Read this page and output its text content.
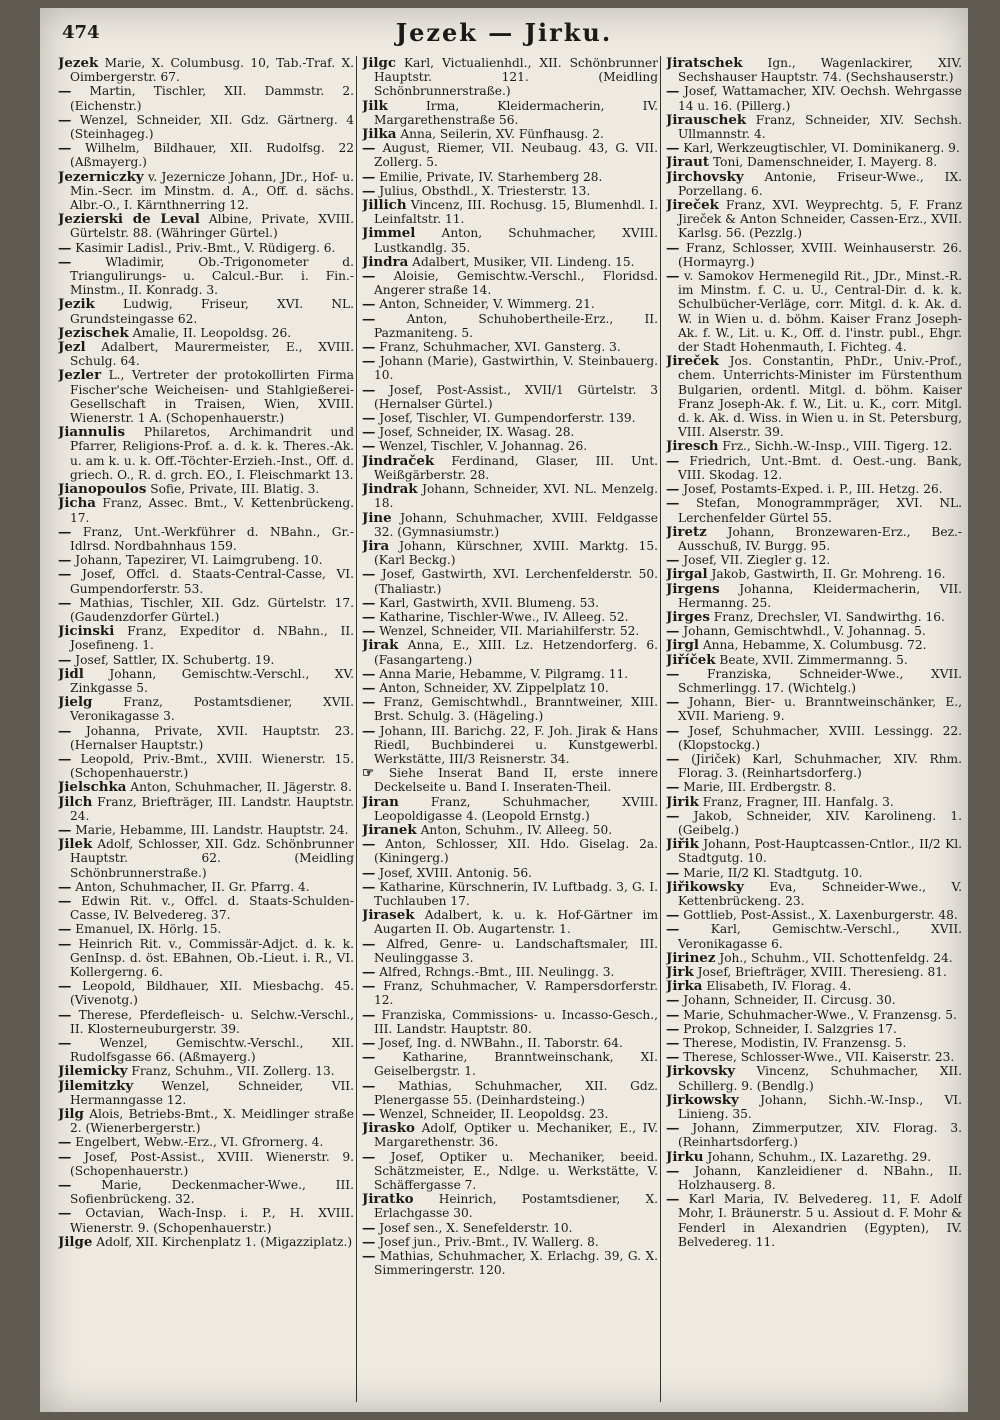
474	Jezek — Jirku.
Jezek Marie, X. Columbusg. 10, Tab.-Traf. X. Oimbergerstr. 67.
— Martin, Tischler, XII. Dammstr. 2. (Eichenstr.)
— Wenzel, Schneider, XII. Gdz. Gärtnerg. 4 (Steinhageg.)
— Wilhelm, Bildhauer, XII. Rudolfsg. 22 (Aßmayerg.)
Jezerniczky v. Jezernicze Johann, JDr., Hof- u. Min.-Secr. im Minstm. d. A., Off. d. sächs. Albr.-O., I. Kärnthnerring 12.
Jezierski de Leval Albine, Private, XVIII. Gürtelstr. 88. (Währinger Gürtel.)
— Kasimir Ladisl., Priv.-Bmt., V. Rüdigerg. 6.
—	Wladimir, Ob.-Trigonometer d. Triangulirungs- u. Calcul.-Bur. i. Fin.-Minstm., II. Konradg. 3.
Jezik Ludwig, Friseur, XVI. NL. Grundsteingasse 62.
Jezischek Amalie, II. Leopoldsg. 26.
Jezl Adalbert, Maurermeister, E., XVIII. Schulg. 64.
Jezler L., Vertreter der protokollirten Firma Fischer'sche Weicheisen- und Stahlgießerei-Gesellschaft in Traisen, Wien, XVIII. Wienerstr. 1 A. (Schopenhauerstr.)
Jiannulis Philaretos, Archimandrit und Pfarrer, Religions-Prof. a. d. k. k. Theres.-Ak. u. am k. u. k. Off.-Töchter-Erzieh.-Inst., Off. d. griech. O., R. d. grch. EO., I. Fleischmarkt 13.
Jianopoulos Sofie, Private, III. Blatig. 3.
Jicha Franz, Assec. Bmt., V. Kettenbrückeng. 17.
— Franz, Unt.-Werkführer d. NBahn., Gr.-Idlrsd. Nordbahnhaus 159.
— Johann, Tapezirer, VI. Laimgrubeng. 10.
— Josef, Offcl. d. Staats-Central-Casse, VI. Gumpendorferstr. 53.
— Mathias, Tischler, XII. Gdz. Gürtelstr. 17. (Gaudenzdorfer Gürtel.)
Jicinski Franz, Expeditor d. NBahn., II. Josefineng. 1.
— Josef, Sattler, IX. Schubertg. 19.
Jidl Johann, Gemischtw.-Verschl., XV. Zinkgasse 5.
Jielg	Franz, Postamtsdiener, XVII. Veronikagasse 3.
— Johanna, Private, XVII. Hauptstr. 23. (Hernalser Hauptstr.)
— Leopold, Priv.-Bmt., XVIII. Wienerstr. 15. (Schopenhauerstr.)
Jielschka Anton, Schuhmacher, II. Jägerstr. 8.
Jilch Franz, Briefträger, III. Landstr. Hauptstr. 24.
— Marie, Hebamme, III. Landstr. Hauptstr. 24.
Jilek Adolf, Schlosser, XII. Gdz. Schönbrunner Hauptstr. 62. (Meidling Schönbrunnerstraße.)
— Anton, Schuhmacher, II. Gr. Pfarrg. 4.
— Edwin Rit. v., Offcl. d. Staats-Schulden-Casse, IV. Belvedereg. 37.
— Emanuel, IX. Hörlg. 15.
— Heinrich Rit. v., Commissär-Adjct. d. k. k. GenInsp. d. öst. EBahnen, Ob.-Lieut. i. R., VI. Kollergerng. 6.
— Leopold, Bildhauer, XII. Miesbachg. 45. (Vivenotg.)
— Therese, Pferdefleisch- u. Selchw.-Verschl., II. Klosterneuburgerstr. 39.
— Wenzel, Gemischtw.-Verschl., XII. Rudolfsgasse 66. (Aßmayerg.)
Jilemicky Franz, Schuhm., VII. Zollerg. 13.
Jilemitzky Wenzel, Schneider, VII. Hermanngasse 12.
Jilg Alois, Betriebs-Bmt., X. Meidlinger straße 2. (Wienerbergerstr.)
— Engelbert, Webw.-Erz., VI. Gfrornerg. 4.
— Josef, Post-Assist., XVIII. Wienerstr. 9. (Schopenhauerstr.)
— Marie, Deckenmacher-Wwe., III. Sofienbrückeng. 32.
— Octavian, Wach-Insp. i. P., H. XVIII. Wienerstr. 9. (Schopenhauerstr.)
Jilge Adolf, XII. Kirchenplatz 1. (Migazziplatz.)
Jilgc Karl, Victualienhdl., XII. Schönbrunner Hauptstr. 121. (Meidling Schönbrunnerstraße.)
Jilk	Irma, Kleidermacherin, IV. Margarethenstraße 56.
Jilka Anna, Seilerin, XV. Fünfhausg. 2.
— August, Riemer, VII. Neubaug. 43, G. VII. Zollerg. 5.
— Emilie, Private, IV. Starhemberg 28.
— Julius, Obsthdl., X. Triesterstr. 13.
Jillich Vincenz, III. Rochusg. 15, Blumenhdl. I. Leinfaltstr. 11.
Jimmel Anton, Schuhmacher, XVIII. Lustkandlg. 35.
Jindra Adalbert, Musiker, VII. Lindeng. 15.
— Aloisie, Gemischtw.-Verschl., Floridsd. Angerer straße 14.
— Anton, Schneider, V. Wimmerg. 21.
—	Anton, Schuhobertheile-Erz., II. Pazmaniteng. 5.
— Franz, Schuhmacher, XVI. Gansterg. 3.
— Johann (Marie), Gastwirthin, V. Steinbauerg. 10.
— Josef, Post-Assist., XVII/1 Gürtelstr. 3 (Hernalser Gürtel.)
— Josef, Tischler, VI. Gumpendorferstr. 139.
— Josef, Schneider, IX. Wasag. 28.
— Wenzel, Tischler, V. Johannag. 26.
Jindraček Ferdinand, Glaser, III. Unt. Weißgärberstr. 28.
Jindrak Johann, Schneider, XVI. NL. Menzelg. 18.
Jine Johann, Schuhmacher, XVIII. Feldgasse 32. (Gymnasiumstr.)
Jira Johann, Kürschner, XVIII. Marktg. 15. (Karl Beckg.)
— Josef, Gastwirth, XVI. Lerchenfelderstr. 50. (Thaliastr.)
— Karl, Gastwirth, XVII. Blumeng. 53.
— Katharine, Tischler-Wwe., IV. Alleeg. 52.
— Wenzel, Schneider, VII. Mariahilferstr. 52.
Jirak Anna, E., XIII. Lz. Hetzendorferg. 6. (Fasangarteng.)
— Anna Marie, Hebamme, V. Pilgramg. 11.
— Anton, Schneider, XV. Zippelplatz 10.
— Franz, Gemischtwhdl., Branntweiner, XIII. Brst. Schulg. 3. (Hägeling.)
— Johann, III. Barichg. 22, F. Joh. Jirak & Hans Riedl, Buchbinderei u. Kunstgewerbl. Werkstätte, III/3 Reisnerstr. 34.
☞ Siehe Inserat Band II, erste innere Deckelseite u. Band I. Inseraten-Theil.
Jiran	Franz, Schuhmacher, XVIII. Leopoldigasse 4. (Leopold Ernstg.)
Jiranek Anton, Schuhm., IV. Alleeg. 50.
— Anton, Schlosser, XII. Hdo. Giselag. 2a. (Kiningerg.)
— Josef, XVIII. Antonig. 56.
— Katharine, Kürschnerin, IV. Luftbadg. 3, G. I. Tuchlauben 17.
Jirasek Adalbert, k. u. k. Hof-Gärtner im Augarten II. Ob. Augartenstr. 1.
— Alfred, Genre- u. Landschaftsmaler, III. Neulinggasse 3.
— Alfred, Rchngs.-Bmt., III. Neulingg. 3.
— Franz, Schuhmacher, V. Rampersdorferstr. 12.
— Franziska, Commissions- u. Incasso-Gesch., III. Landstr. Hauptstr. 80.
— Josef, Ing. d. NWBahn., II. Taborstr. 64.
— Katharine, Branntweinschank, XI. Geiselbergstr. 1.
— Mathias, Schuhmacher, XII. Gdz. Plenergasse 55. (Deinhardsteing.)
— Wenzel, Schneider, II. Leopoldsg. 23.
Jirasko Adolf, Optiker u. Mechaniker, E., IV. Margarethenstr. 36.
— Josef, Optiker u. Mechaniker, beeid. Schätzmeister, E., Ndlge. u. Werkstätte, V. Schäffergasse 7.
Jiratko Heinrich, Postamtsdiener, X. Erlachgasse 30.
— Josef sen., X. Senefelderstr. 10.
— Josef jun., Priv.-Bmt., IV. Wallerg. 8.
— Mathias, Schuhmacher, X. Erlachg. 39, G. X. Simmeringerstr. 120.
Jiratschek Ign., Wagenlackirer, XIV. Sechshauser Hauptstr. 74. (Sechshauserstr.)
— Josef, Wattamacher, XIV. Oechsh. Wehrgasse 14 u. 16. (Pillerg.)
Jirauschek Franz, Schneider, XIV. Sechsh. Ullmannstr. 4.
— Karl, Werkzeugtischler, VI. Dominikanerg. 9.
Jiraut Toni, Damenschneider, I. Mayerg. 8.
Jirchovsky Antonie, Friseur-Wwe., IX. Porzellang. 6.
Jireček Franz, XVI. Weyprechtg. 5, F. Franz Jireček & Anton Schneider, Cassen-Erz., XVII. Karlsg. 56. (Pezzlg.)
— Franz, Schlosser, XVIII. Weinhauserstr. 26. (Hormayrg.)
— v. Samokov Hermenegild Rit., JDr., Minst.-R. im Minstm. f. C. u. U., Central-Dir. d. k. k. Schulbücher-Verläge, corr. Mitgl. d. k. Ak. d. W. in Wien u. d. böhm. Kaiser Franz Joseph-Ak. f. W., Lit. u. K., Off. d. l'instr. publ., Ehgr. der Stadt Hohenmauth, I. Fichteg. 4.
Jireček Jos. Constantin, PhDr., Univ.-Prof., chem. Unterrichts-Minister im Fürstenthum Bulgarien, ordentl. Mitgl. d. böhm. Kaiser Franz Joseph-Ak. f. W., Lit. u. K., corr. Mitgl. d. k. Ak. d. Wiss. in Wien u. in St. Petersburg, VIII. Alserstr. 39.
Jiresch Frz., Sichh.-W.-Insp., VIII. Tigerg. 12.
— Friedrich, Unt.-Bmt. d. Oest.-ung. Bank, VIII. Skodag. 12.
— Josef, Postamts-Exped. i. P., III. Hetzg. 26.
— Stefan, Monogrammpräger, XVI. NL. Lerchenfelder Gürtel 55.
Jiretz Johann, Bronzewaren-Erz., Bez.-Ausschuß, IV. Burgg. 95.
— Josef, VII. Ziegler g. 12.
Jirgal Jakob, Gastwirth, II. Gr. Mohreng. 16.
Jirgens Johanna, Kleidermacherin, VII. Hermanng. 25.
Jirges Franz, Drechsler, VI. Sandwirthg. 16.
— Johann, Gemischtwhdl., V. Johannag. 5.
Jirgl Anna, Hebamme, X. Columbusg. 72.
Jiříček Beate, XVII. Zimmermanng. 5.
— Franziska, Schneider-Wwe., XVII. Schmerlingg. 17. (Wichtelg.)
— Johann, Bier- u. Branntweinschänker, E., XVII. Marieng. 9.
— Josef, Schuhmacher, XVIII. Lessingg. 22. (Klopstockg.)
— (Jiriček) Karl, Schuhmacher, XIV. Rhm. Florag. 3. (Reinhartsdorferg.)
— Marie, III. Erdbergstr. 8.
Jirik Franz, Fragner, III. Hanfalg. 3.
— Jakob, Schneider, XIV. Karolineng. 1. (Geibelg.)
Jiřik Johann, Post-Hauptcassen-Cntlor., II/2 Kl. Stadtgutg. 10.
— Marie, II/2 Kl. Stadtgutg. 10.
Jiřikowsky Eva, Schneider-Wwe., V. Kettenbrückeng. 23.
— Gottlieb, Post-Assist., X. Laxenburgerstr. 48.
—	Karl, Gemischtw.-Verschl., XVII. Veronikagasse 6.
Jirinez Joh., Schuhm., VII. Schottenfeldg. 24.
Jirk Josef, Briefträger, XVIII. Theresieng. 81.
Jirka Elisabeth, IV. Florag. 4.
— Johann, Schneider, II. Circusg. 30.
— Marie, Schuhmacher-Wwe., V. Franzensg. 5.
— Prokop, Schneider, I. Salzgries 17.
— Therese, Modistin, IV. Franzensg. 5.
— Therese, Schlosser-Wwe., VII. Kaiserstr. 23.
Jirkovsky Vincenz, Schuhmacher, XII. Schillerg. 9. (Bendlg.)
Jirkowsky Johann, Sichh.-W.-Insp., VI. Linieng. 35.
— Johann, Zimmerputzer, XIV. Florag. 3. (Reinhartsdorferg.)
Jirku Johann, Schuhm., IX. Lazarethg. 29.
— Johann, Kanzleidiener d. NBahn., II. Holzhauserg. 8.
— Karl Maria, IV. Belvedereg. 11, F. Adolf Mohr, I. Bräunerstr. 5 u. Assiout d. F. Mohr & Fenderl in Alexandrien (Egypten), IV. Belvedereg. 11.
